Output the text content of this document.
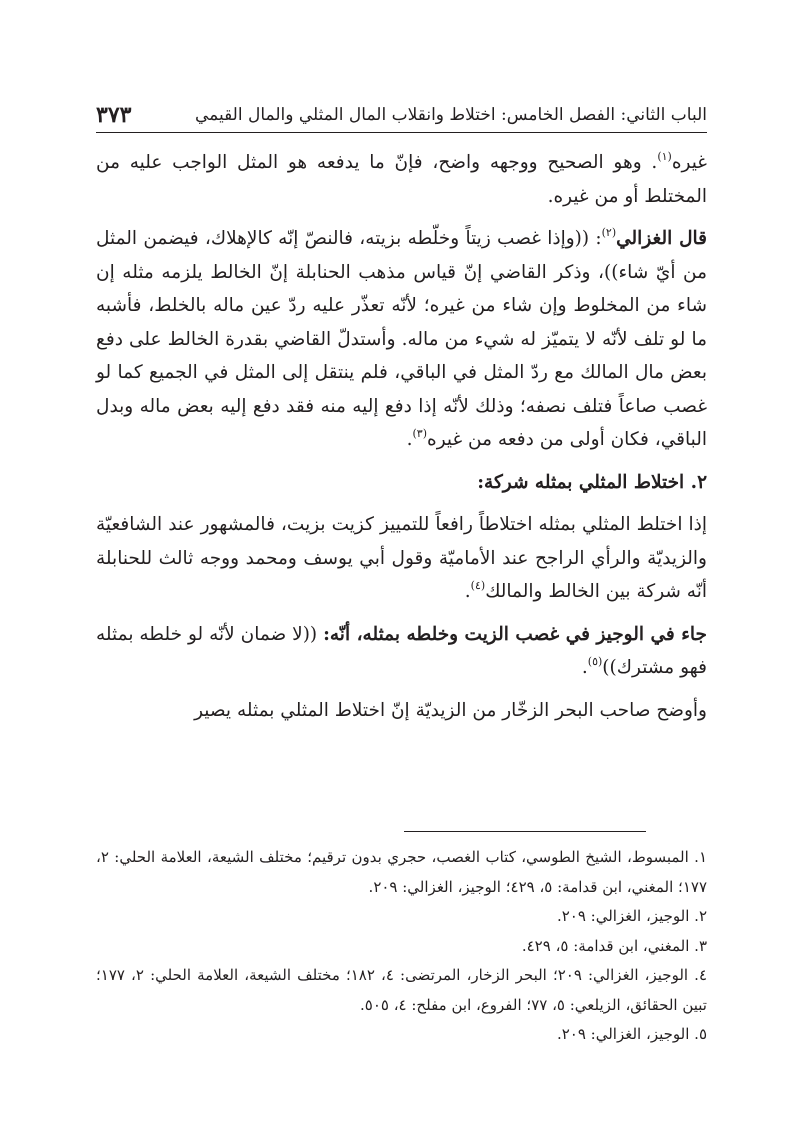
الباب الثاني: الفصل الخامس: اختلاط وانقلاب المال المثلي والمال القيمي
٣٧٣

غيره$^{(١)}$. وهو الصحيح ووجهه واضح، فإنّ ما يدفعه هو المثل الواجب عليه من المختلط أو من غيره.

قال الغزالي$^{(٢)}$: ((وإذا غصب زيتاً وخلّطه بزيته، فالنصّ إنّه كالإهلاك، فيضمن المثل من أيّ شاء))، وذكر القاضي إنّ قياس مذهب الحنابلة إنّ الخالط يلزمه مثله إن شاء من المخلوط وإن شاء من غيره؛ لأنّه تعذّر عليه ردّ عين ماله بالخلط، فأشبه ما لو تلف لأنّه لا يتميّز له شيء من ماله. وأستدلّ القاضي بقدرة الخالط على دفع بعض مال المالك مع ردّ المثل في الباقي، فلم ينتقل إلى المثل في الجميع كما لو غصب صاعاً فتلف نصفه؛ وذلك لأنّه إذا دفع إليه منه فقد دفع إليه بعض ماله وبدل الباقي، فكان أولى من دفعه من غيره$^{(٣)}$.

٢. اختلاط المثلي بمثله شركة:

إذا اختلط المثلي بمثله اختلاطاً رافعاً للتمييز كزيت بزيت، فالمشهور عند الشافعيّة والزيديّة والرأي الراجح عند الأماميّة وقول أبي يوسف ومحمد ووجه ثالث للحنابلة أنّه شركة بين الخالط والمالك$^{(٤)}$.

جاء في الوجيز في غصب الزيت وخلطه بمثله، أنّه: ((لا ضمان لأنّه لو خلطه بمثله فهو مشترك))$^{(٥)}$.

وأوضح صاحب البحر الزخّار من الزيديّة إنّ اختلاط المثلي بمثله يصير

١. المبسوط، الشيخ الطوسي، كتاب الغصب، حجري بدون ترقيم؛ مختلف الشيعة، العلامة الحلي: ٢، ١٧٧؛ المغني، ابن قدامة: ٥، ٤٢٩؛ الوجيز، الغزالي: ٢٠٩.

٢. الوجيز، الغزالي: ٢٠٩.

٣. المغني، ابن قدامة: ٥، ٤٢٩.

٤. الوجيز، الغزالي: ٢٠٩؛ البحر الزخار، المرتضى: ٤، ١٨٢؛ مختلف الشيعة، العلامة الحلي: ٢، ١٧٧؛ تبين الحقائق، الزيلعي: ٥، ٧٧؛ الفروع، ابن مفلح: ٤، ٥٠٥.

٥. الوجيز، الغزالي: ٢٠٩.
